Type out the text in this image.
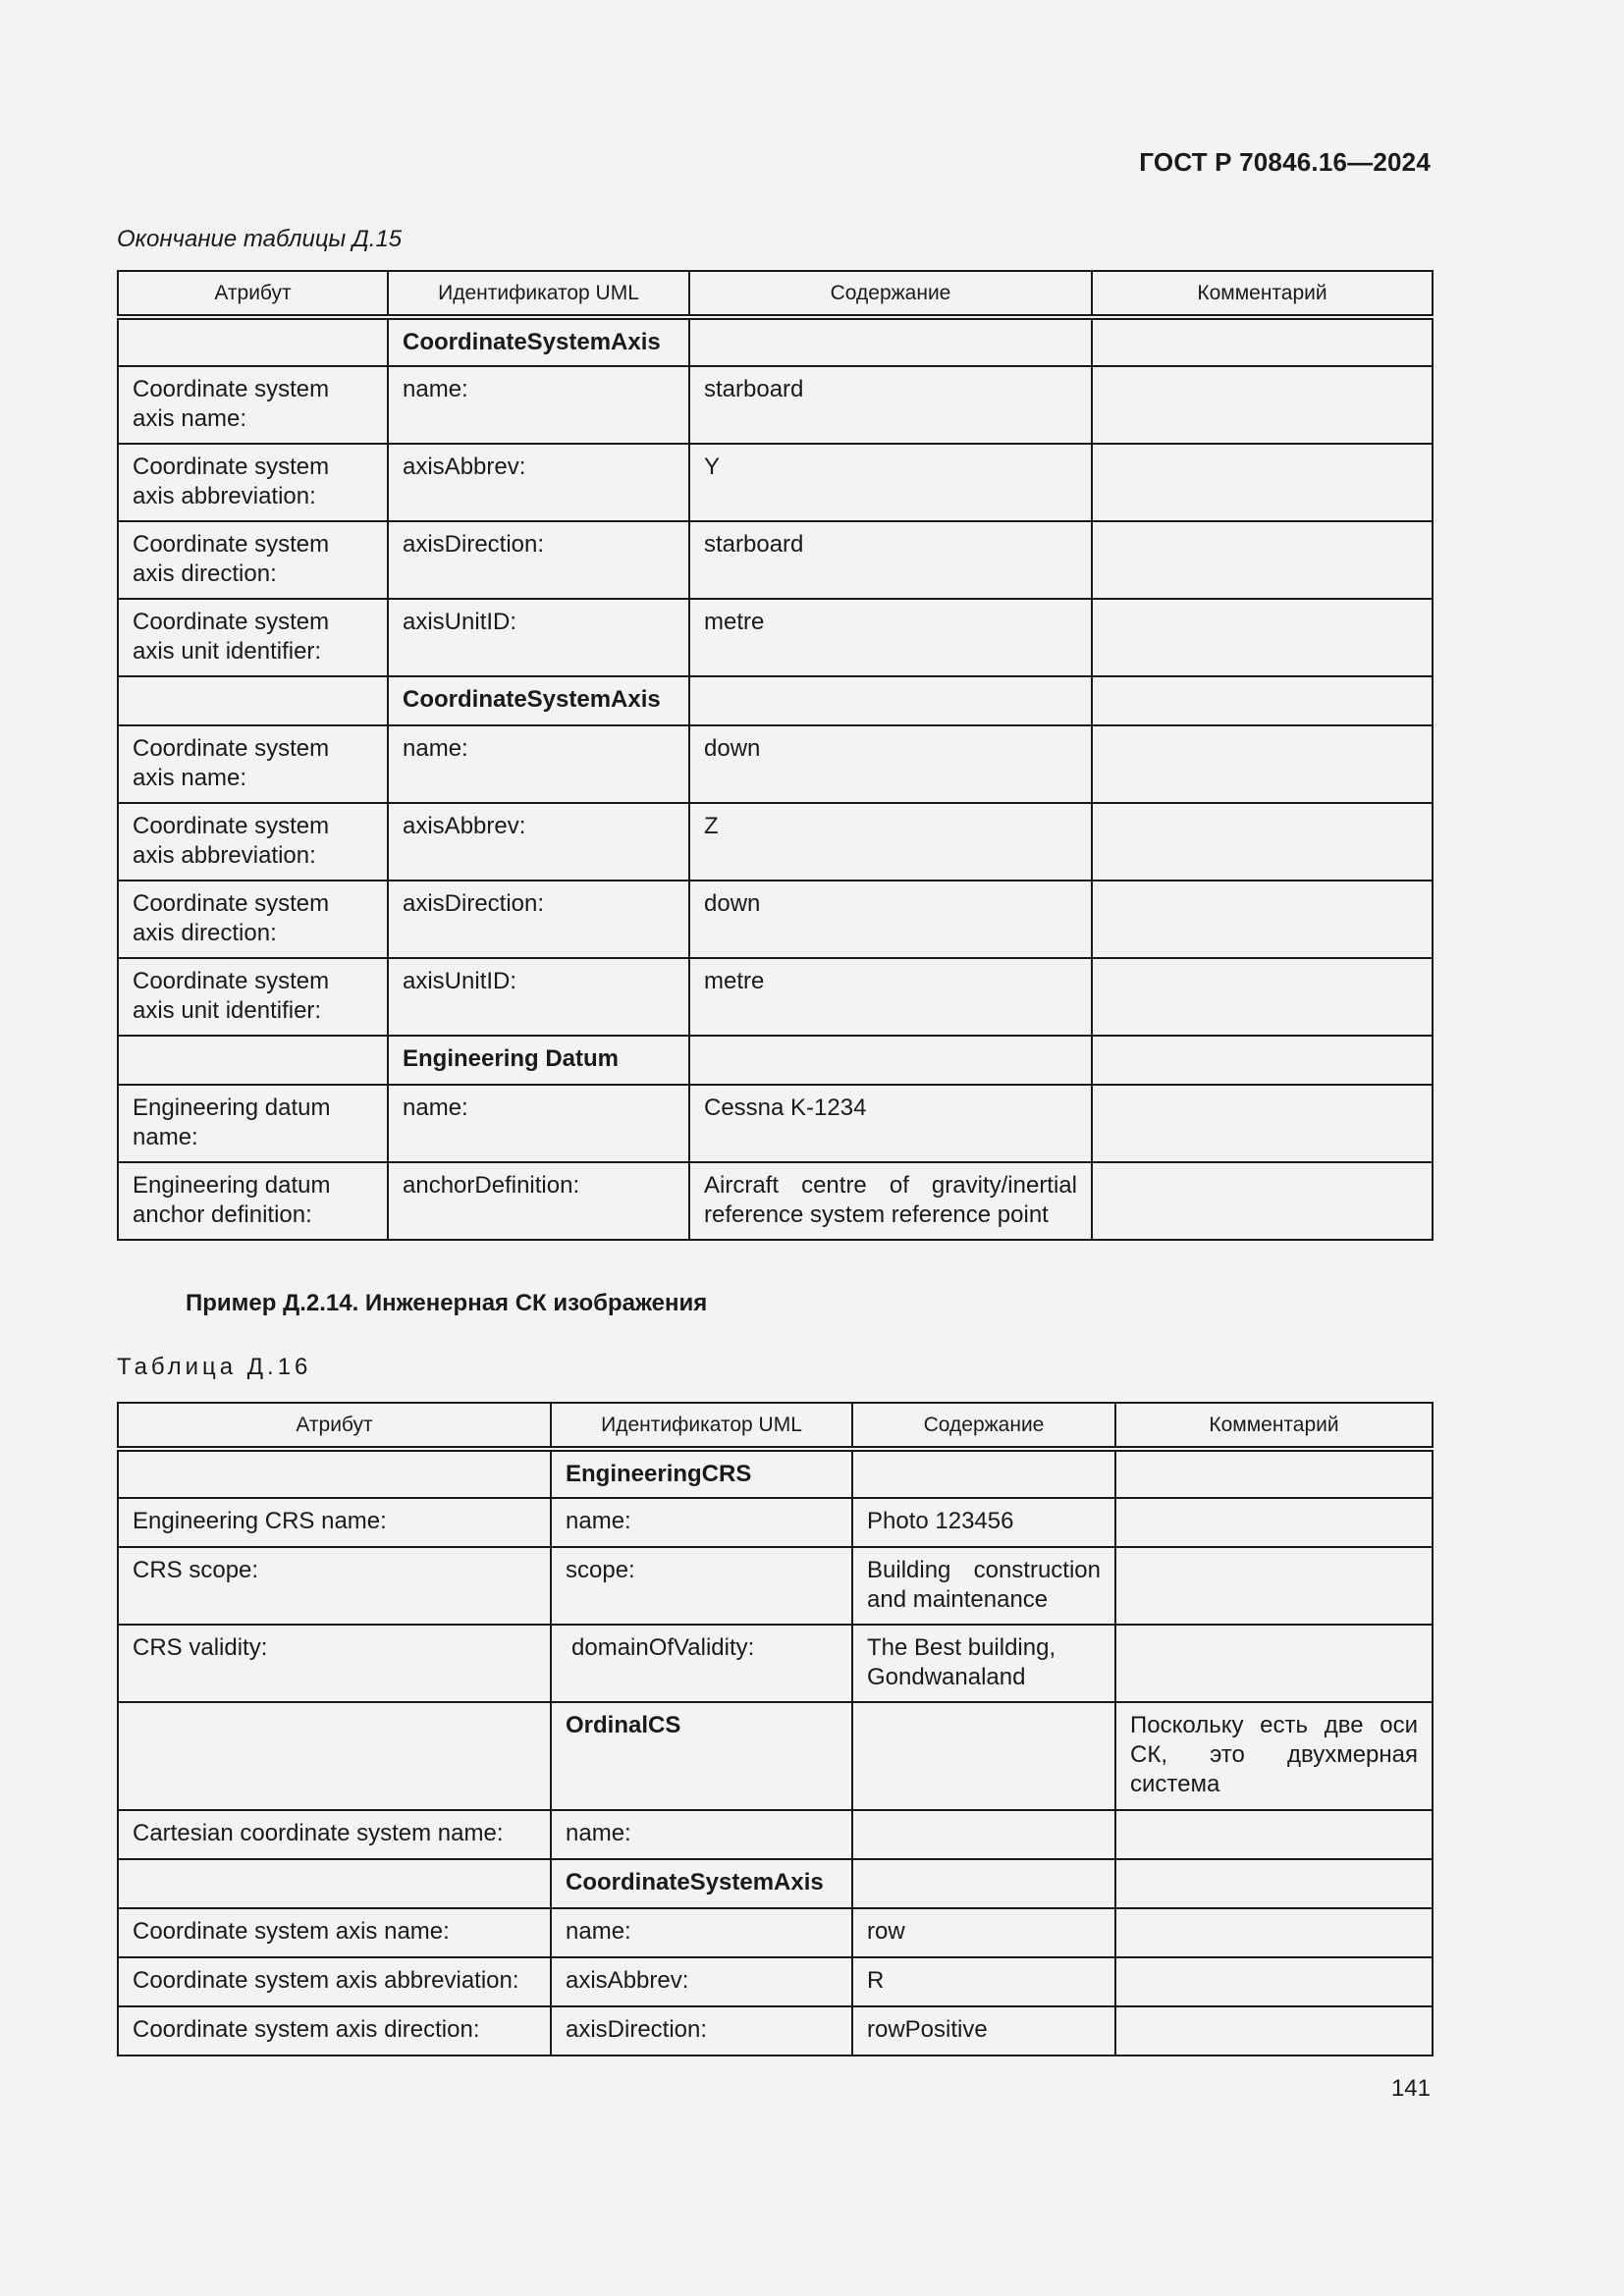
ГОСТ Р 70846.16—2024
Окончание таблицы Д.15
Атрибут	Идентификатор UML	Содержание	Комментарий
	CoordinateSystemAxis		
Coordinate system axis name:	name:	starboard	
Coordinate system axis abbreviation:	axisAbbrev:	Y	
Coordinate system axis direction:	axisDirection:	starboard	
Coordinate system axis unit identifier:	axisUnitID:	metre	
	CoordinateSystemAxis		
Coordinate system axis name:	name:	down	
Coordinate system axis abbreviation:	axisAbbrev:	Z	
Coordinate system axis direction:	axisDirection:	down	
Coordinate system axis unit identifier:	axisUnitID:	metre	
	Engineering Datum		
Engineering datum name:	name:	Cessna K-1234	
Engineering datum anchor definition:	anchorDefinition:	Aircraft centre of gravity/inertial reference system reference point	
Пример Д.2.14. Инженерная СК изображения
Таблица Д.16
Атрибут	Идентификатор UML	Содержание	Комментарий
	EngineeringCRS		
Engineering CRS name:	name:	Photo 123456	
CRS scope:	scope:	Building construction and maintenance	
CRS validity:	domainOfValidity:	The Best building, Gondwanaland	
	OrdinalCS		Поскольку есть две оси СК, это двухмерная система
Cartesian coordinate system name:	name:		
	CoordinateSystemAxis		
Coordinate system axis name:	name:	row	
Coordinate system axis abbreviation:	axisAbbrev:	R	
Coordinate system axis direction:	axisDirection:	rowPositive	
141
